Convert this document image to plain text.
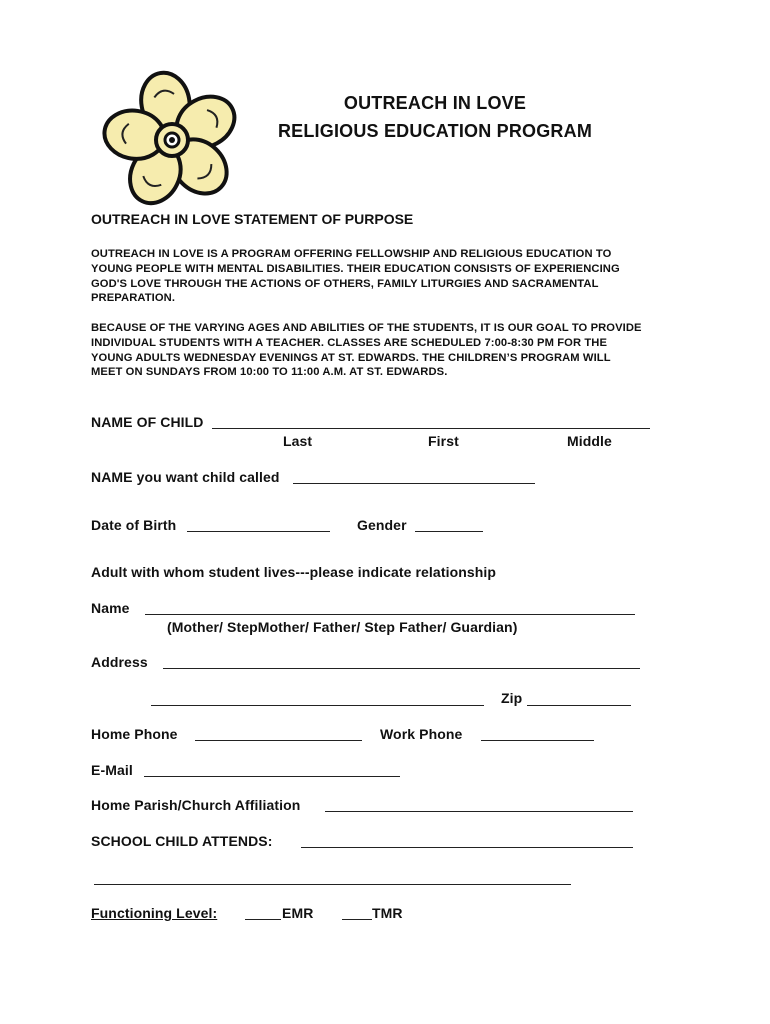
OUTREACH IN LOVE
RELIGIOUS EDUCATION PROGRAM
OUTREACH IN LOVE STATEMENT OF PURPOSE
OUTREACH IN LOVE IS A PROGRAM OFFERING FELLOWSHIP AND RELIGIOUS EDUCATION TO
YOUNG PEOPLE WITH MENTAL DISABILITIES. THEIR EDUCATION CONSISTS OF EXPERIENCING
GOD'S LOVE THROUGH THE ACTIONS OF OTHERS, FAMILY LITURGIES AND SACRAMENTAL
PREPARATION.
BECAUSE OF THE VARYING AGES AND ABILITIES OF THE STUDENTS, IT IS OUR GOAL TO PROVIDE
INDIVIDUAL STUDENTS WITH A TEACHER. CLASSES ARE SCHEDULED 7:00-8:30 PM FOR THE
YOUNG ADULTS WEDNESDAY EVENINGS AT ST. EDWARDS. THE CHILDREN’S PROGRAM WILL
MEET ON SUNDAYS FROM 10:00 TO 11:00 A.M. AT ST. EDWARDS.
NAME OF CHILD
Last	First	Middle
NAME you want child called
Date of Birth	Gender
Adult with whom student lives---please indicate relationship
Name
(Mother/ StepMother/ Father/ Step Father/ Guardian)
Address
Zip
Home Phone	Work Phone
E-Mail
Home Parish/Church Affiliation
SCHOOL CHILD ATTENDS:
Functioning Level:	EMR	TMR
